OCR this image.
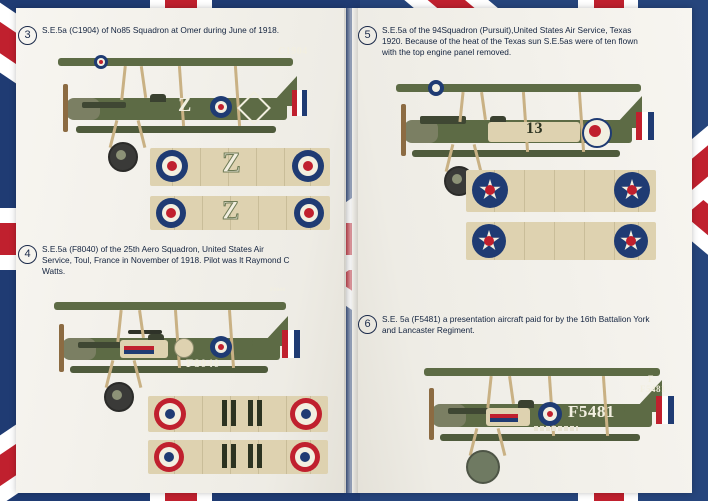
3	S.E.5a (C1904) of No85 Squadron at Omer during June of 1918.
Z
C1904
Z
Z
4	S.E.5a (F8040) of the 25th Aero Squadron, United States Air Service, Toul, France in November of 1918. Pilot was lt Raymond C Watts.
F8040
F8040
5	S.E.5a of the 94Squadron (Pursuit),United States Air Service, Texas 1920. Because of the heat of the Texas sun S.E.5as were of ten flown with the top engine panel removed.
13
6	S.E. 5a (F5481) a presentation aircraft paid for by the 16th Battalion York and Lancaster Regiment.
F5481
F
F5481
